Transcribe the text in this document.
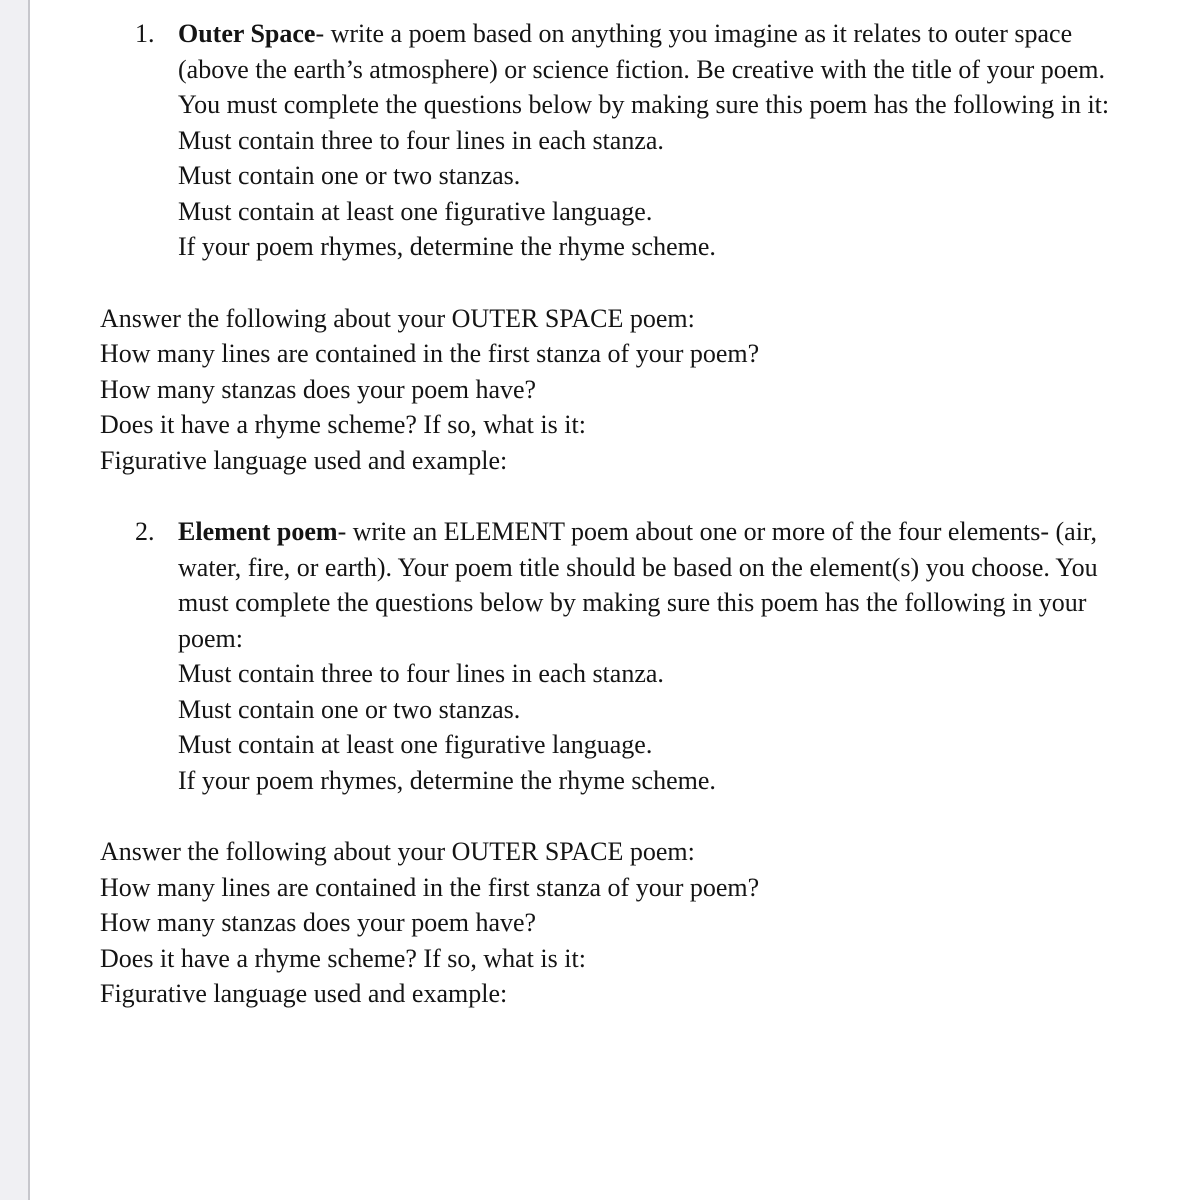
1. Outer Space- write a poem based on anything you imagine as it relates to outer space (above the earth’s atmosphere) or science fiction. Be creative with the title of your poem. You must complete the questions below by making sure this poem has the following in it:

Must contain three to four lines in each stanza.
Must contain one or two stanzas.
Must contain at least one figurative language.
If your poem rhymes, determine the rhyme scheme.
Answer the following about your OUTER SPACE poem:
How many lines are contained in the first stanza of your poem?
How many stanzas does your poem have?
Does it have a rhyme scheme? If so, what is it:
Figurative language used and example:
2. Element poem- write an ELEMENT poem about one or more of the four elements- (air, water, fire, or earth). Your poem title should be based on the element(s) you choose. You must complete the questions below by making sure this poem has the following in your poem:

Must contain three to four lines in each stanza.
Must contain one or two stanzas.
Must contain at least one figurative language.
If your poem rhymes, determine the rhyme scheme.
Answer the following about your OUTER SPACE poem:
How many lines are contained in the first stanza of your poem?
How many stanzas does your poem have?
Does it have a rhyme scheme? If so, what is it:
Figurative language used and example:
